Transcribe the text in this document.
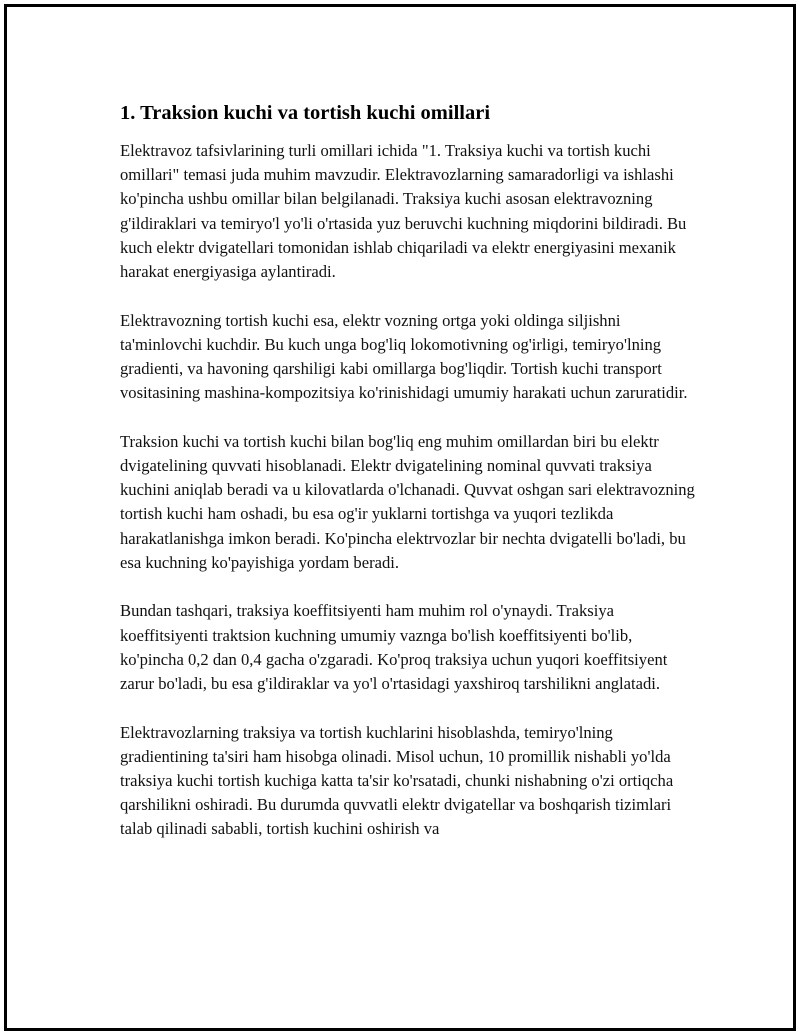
1. Traksion kuchi va tortish kuchi omillari

Elektravoz tafsivlarining turli omillari ichida "1. Traksiya kuchi va tortish kuchi omillari" temasi juda muhim mavzudir. Elektravozlarning samaradorligi va ishlashi ko'pincha ushbu omillar bilan belgilanadi. Traksiya kuchi asosan elektravozning g'ildiraklari va temiryo'l yo'li o'rtasida yuz beruvchi kuchning miqdorini bildiradi. Bu kuch elektr dvigatellari tomonidan ishlab chiqariladi va elektr energiyasini mexanik harakat energiyasiga aylantiradi.

Elektravozning tortish kuchi esa, elektr vozning ortga yoki oldinga siljishni ta'minlovchi kuchdir. Bu kuch unga bog'liq lokomotivning og'irligi, temiryo'lning gradienti, va havoning qarshiligi kabi omillarga bog'liqdir. Tortish kuchi transport vositasining mashina-kompozitsiya ko'rinishidagi umumiy harakati uchun zaruratidir.

Traksion kuchi va tortish kuchi bilan bog'liq eng muhim omillardan biri bu elektr dvigatelining quvvati hisoblanadi. Elektr dvigatelining nominal quvvati traksiya kuchini aniqlab beradi va u kilovatlarda o'lchanadi. Quvvat oshgan sari elektravozning tortish kuchi ham oshadi, bu esa og'ir yuklarni tortishga va yuqori tezlikda harakatlanishga imkon beradi. Ko'pincha elektrvozlar bir nechta dvigatelli bo'ladi, bu esa kuchning ko'payishiga yordam beradi.

Bundan tashqari, traksiya koeffitsiyenti ham muhim rol o'ynaydi. Traksiya koeffitsiyenti traktsion kuchning umumiy vaznga bo'lish koeffitsiyenti bo'lib, ko'pincha 0,2 dan 0,4 gacha o'zgaradi. Ko'proq traksiya uchun yuqori koeffitsiyent zarur bo'ladi, bu esa g'ildiraklar va yo'l o'rtasidagi yaxshiroq tarshilikni anglatadi.

Elektravozlarning traksiya va tortish kuchlarini hisoblashda, temiryo'lning gradientining ta'siri ham hisobga olinadi. Misol uchun, 10 promillik nishabli yo'lda traksiya kuchi tortish kuchiga katta ta'sir ko'rsatadi, chunki nishabning o'zi ortiqcha qarshilikni oshiradi. Bu durumda quvvatli elektr dvigatellar va boshqarish tizimlari talab qilinadi sababli, tortish kuchini oshirish va
